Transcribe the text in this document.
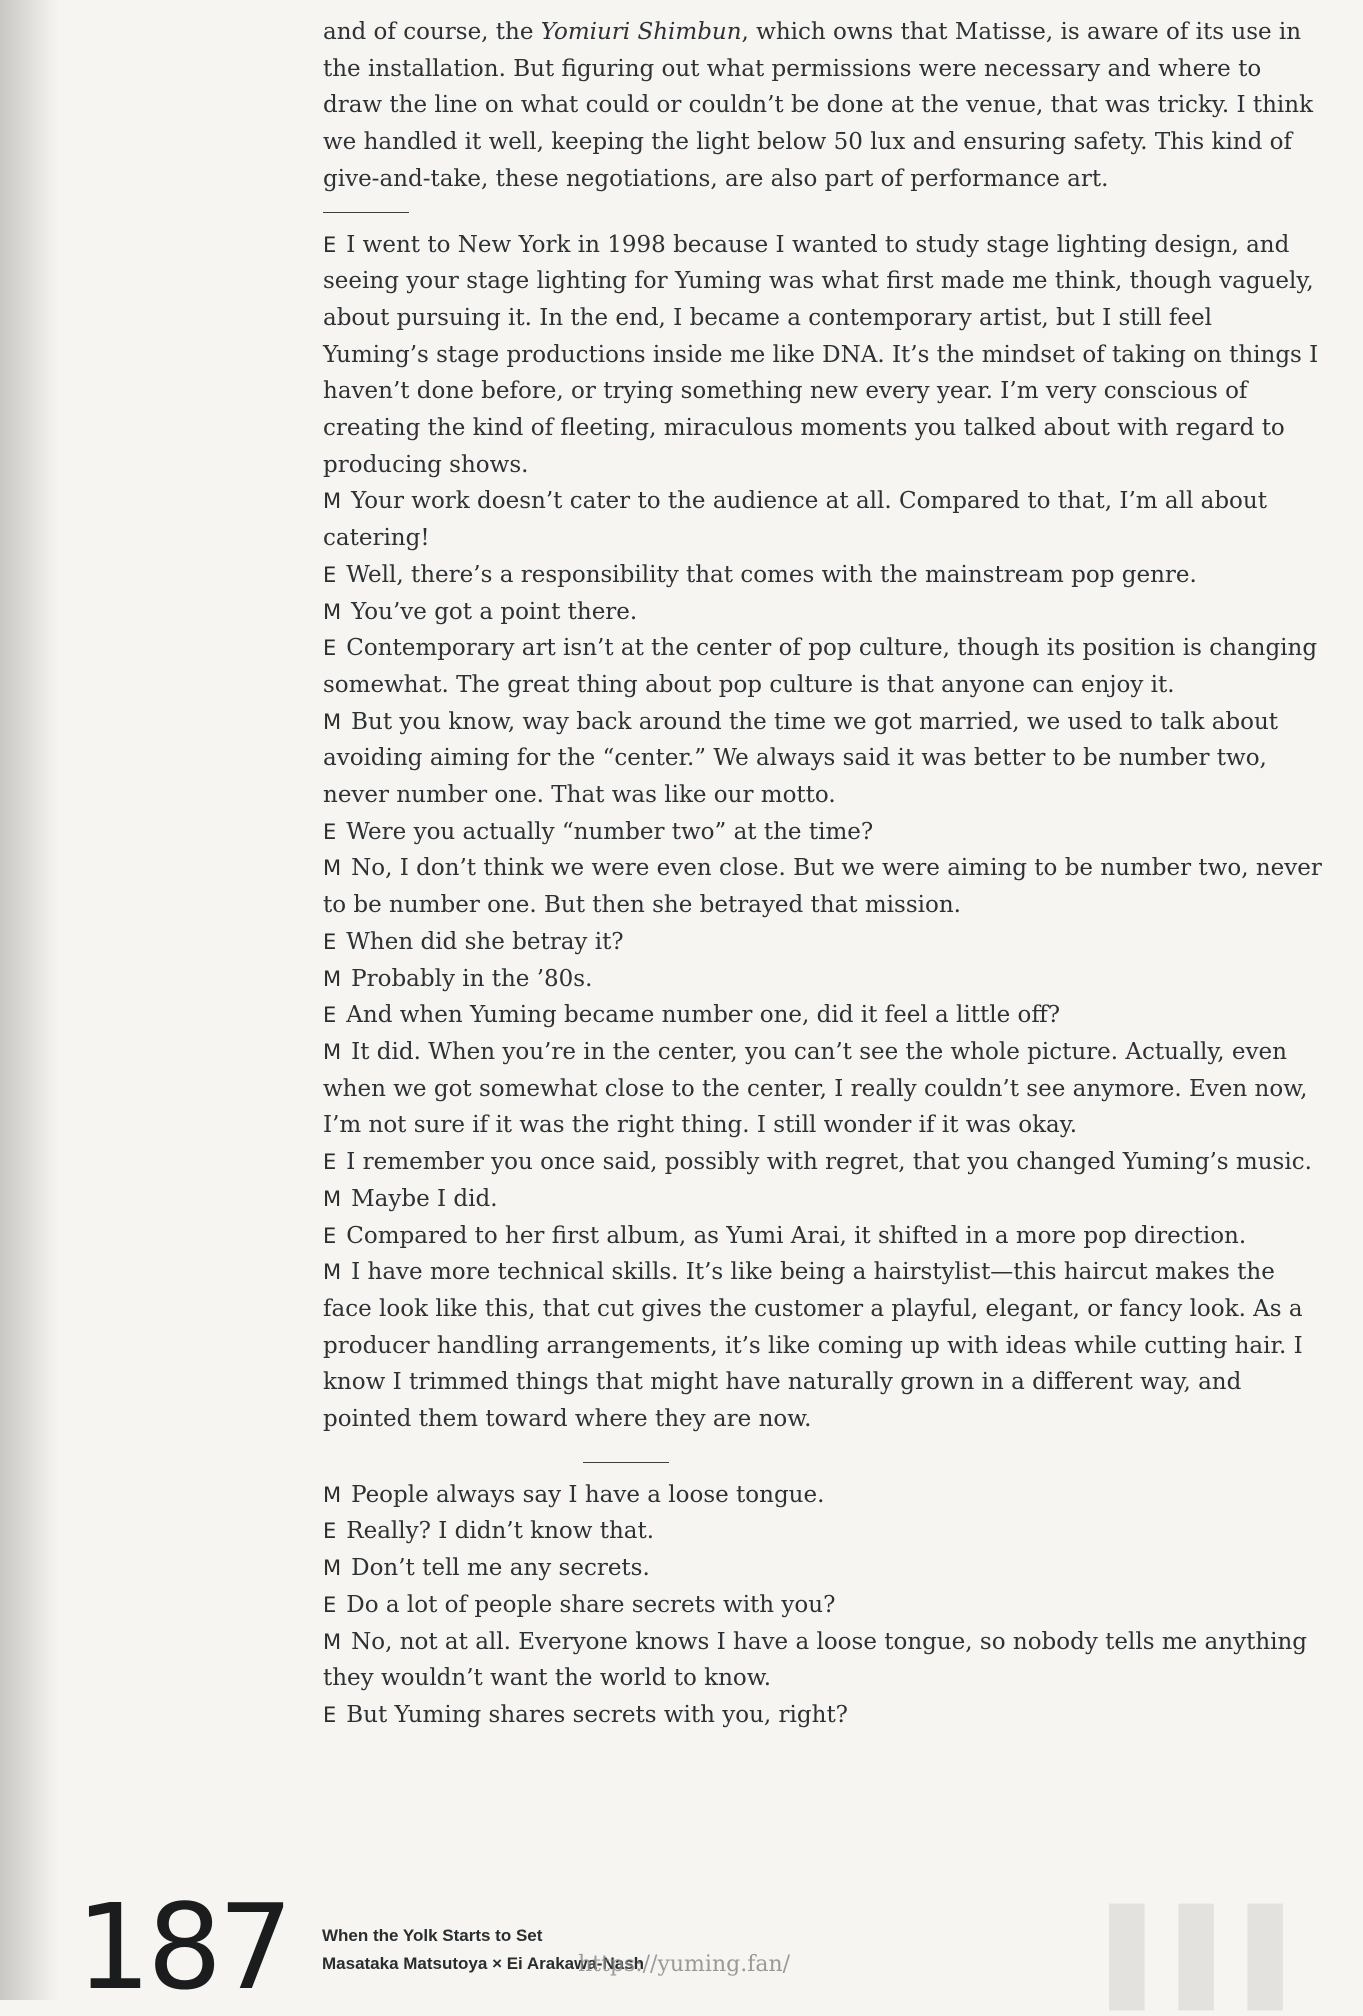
and of course, the Yomiuri Shimbun, which owns that Matisse, is aware of its use in the installation. But figuring out what permissions were necessary and where to draw the line on what could or couldn’t be done at the venue, that was tricky. I think we handled it well, keeping the light below 50 lux and ensuring safety. This kind of give-and-take, these negotiations, are also part of performance art.

E I went to New York in 1998 because I wanted to study stage lighting design, and seeing your stage lighting for Yuming was what first made me think, though vaguely, about pursuing it. In the end, I became a contemporary artist, but I still feel Yuming’s stage productions inside me like DNA. It’s the mindset of taking on things I haven’t done before, or trying something new every year. I’m very conscious of creating the kind of fleeting, miraculous moments you talked about with regard to producing shows.

M Your work doesn’t cater to the audience at all. Compared to that, I’m all about catering!

E Well, there’s a responsibility that comes with the mainstream pop genre.

M You’ve got a point there.

E Contemporary art isn’t at the center of pop culture, though its position is changing somewhat. The great thing about pop culture is that anyone can enjoy it.

M But you know, way back around the time we got married, we used to talk about avoiding aiming for the “center.” We always said it was better to be number two, never number one. That was like our motto.

E Were you actually “number two” at the time?

M No, I don’t think we were even close. But we were aiming to be number two, never to be number one. But then she betrayed that mission.

E When did she betray it?

M Probably in the ’80s.

E And when Yuming became number one, did it feel a little off?

M It did. When you’re in the center, you can’t see the whole picture. Actually, even when we got somewhat close to the center, I really couldn’t see anymore. Even now, I’m not sure if it was the right thing. I still wonder if it was okay.

E I remember you once said, possibly with regret, that you changed Yuming’s music.

M Maybe I did.

E Compared to her first album, as Yumi Arai, it shifted in a more pop direction.

M I have more technical skills. It’s like being a hairstylist—this haircut makes the face look like this, that cut gives the customer a playful, elegant, or fancy look. As a producer handling arrangements, it’s like coming up with ideas while cutting hair. I know I trimmed things that might have naturally grown in a different way, and pointed them toward where they are now.

M People always say I have a loose tongue.

E Really? I didn’t know that.

M Don’t tell me any secrets.

E Do a lot of people share secrets with you?

M No, not at all. Everyone knows I have a loose tongue, so nobody tells me anything they wouldn’t want the world to know.

E But Yuming shares secrets with you, right?

▌▌▌
187 When the Yolk Starts to Set
Masataka Matsutoya × Ei Arakawa-Nash
https://yuming.fan/
